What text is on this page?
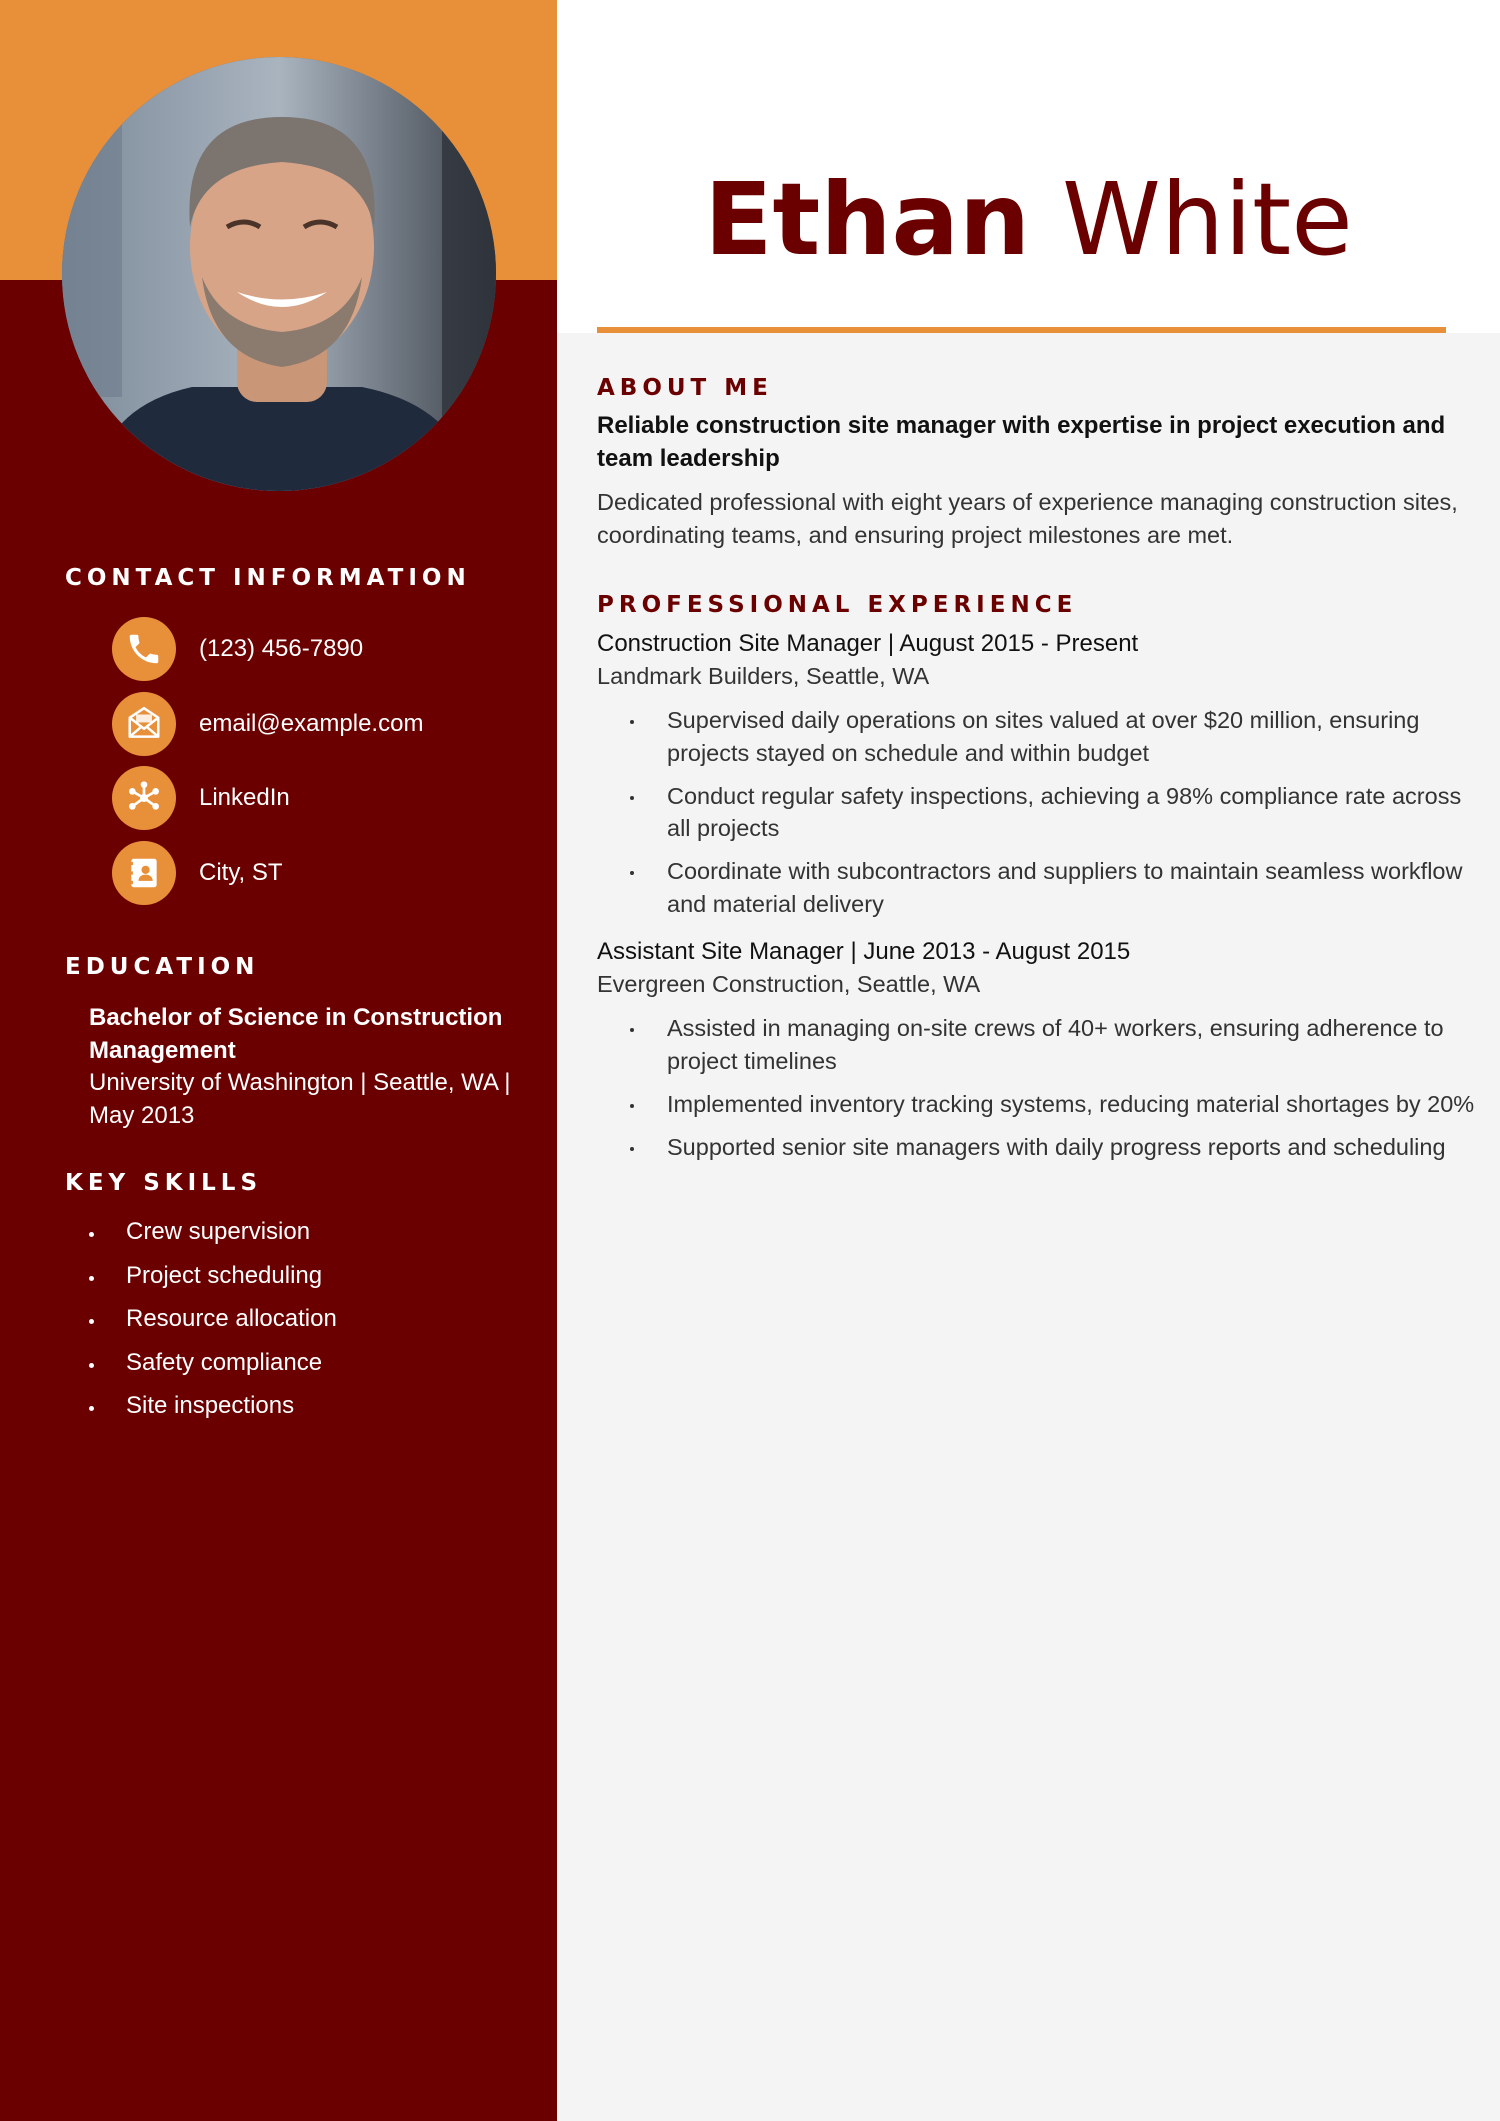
CONTACT INFORMATION
(123) 456-7890
email@example.com
LinkedIn
City, ST
EDUCATION
Bachelor of Science in Construction Management
University of Washington | Seattle, WA | May 2013
KEY SKILLS
Crew supervision
Project scheduling
Resource allocation
Safety compliance
Site inspections
Ethan White
ABOUT ME
Reliable construction site manager with expertise in project execution and team leadership
Dedicated professional with eight years of experience managing construction sites, coordinating teams, and ensuring project milestones are met.
PROFESSIONAL EXPERIENCE
Construction Site Manager | August 2015 - Present
Landmark Builders, Seattle, WA
Supervised daily operations on sites valued at over $20 million, ensuring projects stayed on schedule and within budget
Conduct regular safety inspections, achieving a 98% compliance rate across all projects
Coordinate with subcontractors and suppliers to maintain seamless workflow and material delivery
Assistant Site Manager | June 2013 - August 2015
Evergreen Construction, Seattle, WA
Assisted in managing on-site crews of 40+ workers, ensuring adherence to project timelines
Implemented inventory tracking systems, reducing material shortages by 20%
Supported senior site managers with daily progress reports and scheduling
